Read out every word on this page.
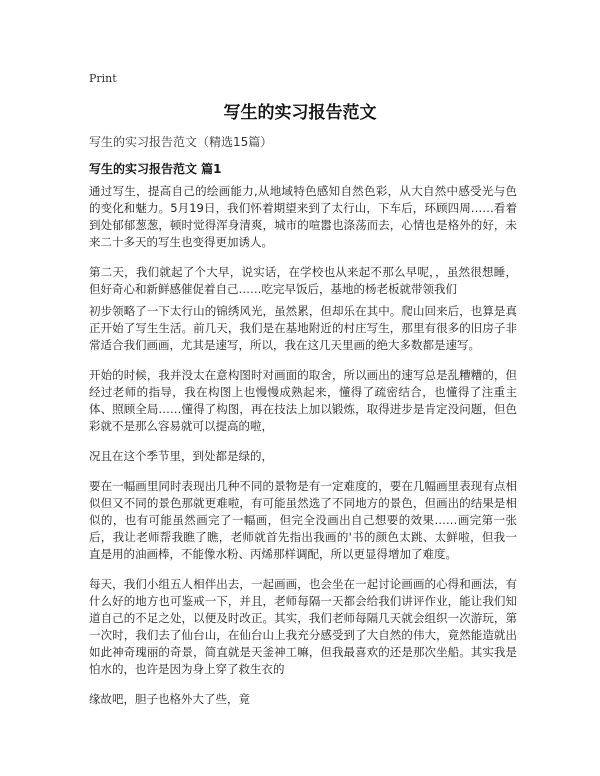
Print
写生的实习报告范文
写生的实习报告范文（精选15篇）
写生的实习报告范文 篇1

通过写生，提高自己的绘画能力,从地域特色感知自然色彩，从大自然中感受光与色的变化和魅力。5月19日，我们怀着期望来到了太行山，下车后，环顾四周……看着到处郁郁葱葱，顿时觉得浑身清爽，城市的喧嚣也涤荡而去，心情也是格外的好，未来二十多天的写生也变得更加诱人。

第二天，我们就起了个大早，说实话，在学校也从来起不那么早呢，，虽然很想睡，但好奇心和新鲜感催促着自己……吃完早饭后，基地的杨老板就带领我们

初步领略了一下太行山的锦绣风光，虽然累，但却乐在其中。爬山回来后，也算是真正开始了写生生活。前几天，我们是在基地附近的村庄写生，那里有很多的旧房子非常适合我们画画，尤其是速写，所以，我在这几天里画的绝大多数都是速写。

开始的时候，我并没太在意构图时对画面的取舍，所以画出的速写总是乱糟糟的，但经过老师的指导，我在构图上也慢慢成熟起来，懂得了疏密结合，也懂得了注重主体、照顾全局……懂得了构图，再在技法上加以锻炼，取得进步是肯定没问题，但色彩就不是那么容易就可以提高的啦，

况且在这个季节里，到处都是绿的，

要在一幅画里同时表现出几种不同的景物是有一定难度的，要在几幅画里表现有点相似但又不同的景色那就更难啦，有可能虽然选了不同地方的景色，但画出的结果是相似的，也有可能虽然画完了一幅画，但完全没画出自己想要的效果……画完第一张后，我让老师帮我瞧了瞧，老师就首先指出我画的'书的颜色太跳、太鲜啦，但我一直是用的油画棒，不能像水粉、丙烯那样调配，所以更显得增加了难度。

每天，我们小组五人相伴出去，一起画画，也会坐在一起讨论画画的心得和画法，有什么好的地方也可鉴戒一下，并且，老师每隔一天都会给我们讲评作业，能让我们知道自己的不足之处，以便及时改正。其实，我们老师每隔几天就会组织一次游玩，第一次时，我们去了仙台山，在仙台山上我充分感受到了大自然的伟大，竟然能造就出如此神奇瑰丽的奇景，简直就是天釜神工嘛，但我最喜欢的还是那次坐船。其实我是怕水的，也许是因为身上穿了救生衣的

缘故吧，胆子也格外大了些，竟
